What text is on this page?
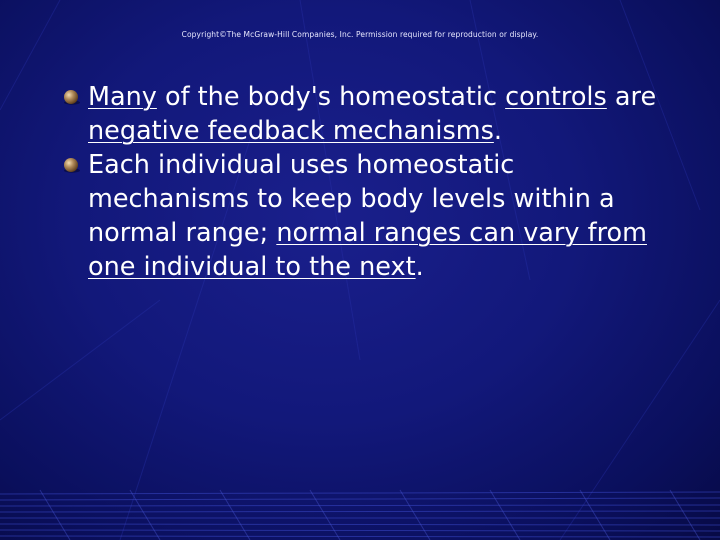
Copyright©The McGraw-Hill Companies, Inc. Permission required for reproduction or display.
Many of the body's homeostatic controls are negative feedback mechanisms.
Each individual uses homeostatic mechanisms to keep body levels within a normal range; normal ranges can vary from one individual to the next.
